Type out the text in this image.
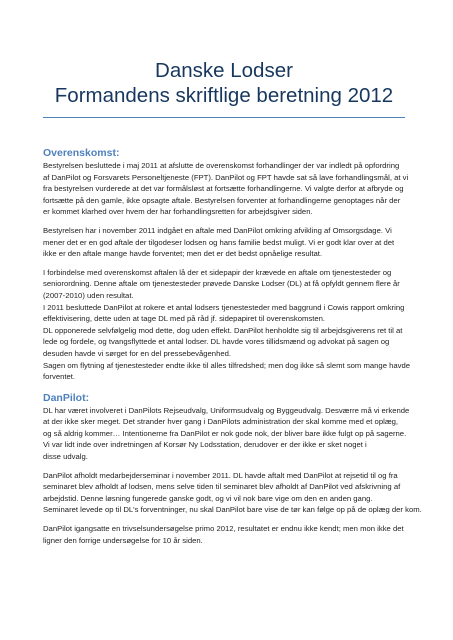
Danske Lodser
Formandens skriftlige beretning 2012
Overenskomst:

Bestyrelsen besluttede i maj 2011 at afslutte de overenskomst forhandlinger der var indledt på opfordring
af DanPilot og Forsvarets Personeltjeneste (FPT). DanPilot og FPT havde sat så lave forhandlingsmål, at vi
fra bestyrelsen vurderede at det var formålsløst at fortsætte forhandlingerne. Vi valgte derfor at afbryde og
fortsætte på den gamle, ikke opsagte aftale. Bestyrelsen forventer at forhandlingerne genoptages når der
er kommet klarhed over hvem der har forhandlingsretten for arbejdsgiver siden.

Bestyrelsen har i november 2011 indgået en aftale med DanPilot omkring afvikling af Omsorgsdage. Vi
mener det er en god aftale der tilgodeser lodsen og hans familie bedst muligt. Vi er godt klar over at det
ikke er den aftale mange havde forventet; men det er det bedst opnåelige resultat.

I forbindelse med overenskomst aftalen lå der et sidepapir der krævede en aftale om tjenestesteder og
seniorordning. Denne aftale om tjenestesteder prøvede Danske Lodser (DL) at få opfyldt gennem flere år
(2007-2010) uden resultat.
I 2011 besluttede DanPilot at rokere et antal lodsers tjenestesteder med baggrund i Cowis rapport omkring
effektivisering, dette uden at tage DL med på råd jf. sidepapiret til overenskomsten.
DL opponerede selvfølgelig mod dette, dog uden effekt. DanPilot henholdte sig til arbejdsgiverens ret til at
lede og fordele, og tvangsflyttede et antal lodser. DL havde vores tillidsmænd og advokat på sagen og
desuden havde vi sørget for en del pressebevågenhed.
Sagen om flytning af tjenestesteder endte ikke til alles tilfredshed; men dog ikke så slemt som mange havde
forventet.

DanPilot:

DL har været involveret i DanPilots Rejseudvalg, Uniformsudvalg og Byggeudvalg. Desværre må vi erkende
at der ikke sker meget. Det strander hver gang i DanPilots administration der skal komme med et oplæg,
og så aldrig kommer… Intentionerne fra DanPilot er nok gode nok, der bliver bare ikke fulgt op på sagerne.
Vi var lidt inde over indretningen af Korsør Ny Lodsstation, derudover er der ikke er sket noget i
disse udvalg.

DanPilot afholdt medarbejderseminar i november 2011. DL havde aftalt med DanPilot at rejsetid til og fra
seminaret blev afholdt af lodsen, mens selve tiden til seminaret blev afholdt af DanPilot ved afskrivning af
arbejdstid. Denne løsning fungerede ganske godt, og vi vil nok bare vige om den en anden gang.
Seminaret levede op til DL's forventninger, nu skal DanPilot bare vise de tør kan følge op på de oplæg der kom.

DanPilot igangsatte en trivselsundersøgelse primo 2012, resultatet er endnu ikke kendt; men mon ikke det
ligner den forrige undersøgelse for 10 år siden.
